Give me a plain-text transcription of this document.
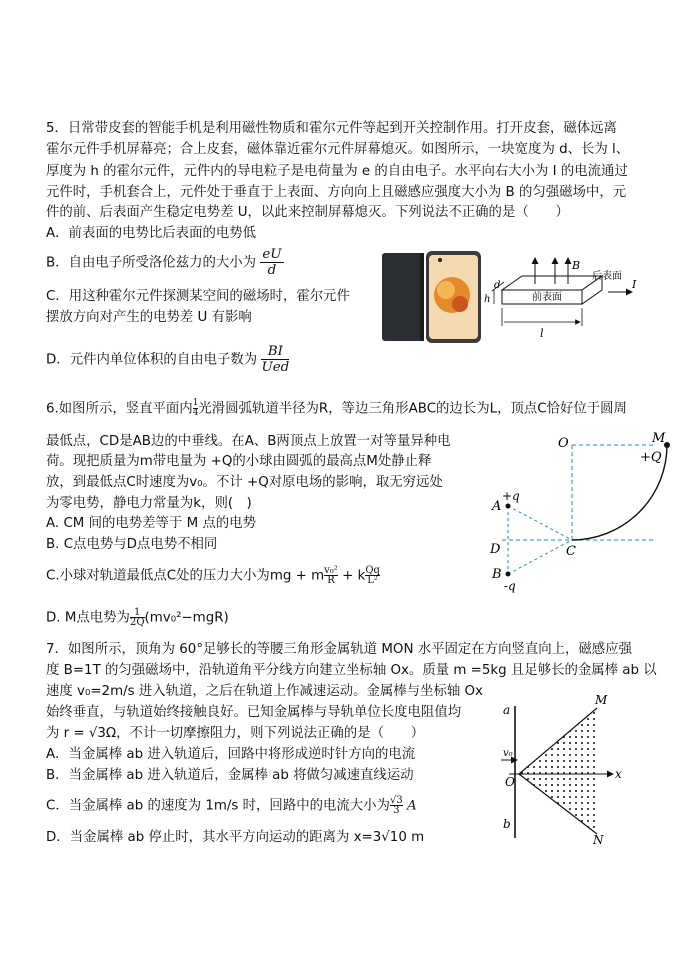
5．日常带皮套的智能手机是利用磁性物质和霍尔元件等起到开关控制作用。打开皮套，磁体远离
霍尔元件手机屏幕亮；合上皮套，磁体靠近霍尔元件屏幕熄灭。如图所示，一块宽度为 d、长为 l、
厚度为 h 的霍尔元件，元件内的导电粒子是电荷量为 e 的自由电子。水平向右大小为 I 的电流通过
元件时，手机套合上，元件处于垂直于上表面、方向向上且磁感应强度大小为 B 的匀强磁场中，元
件的前、后表面产生稳定电势差 U，以此来控制屏幕熄灭。下列说法不正确的是（　　）
A．前表面的电势比后表面的电势低
B．自由电子所受洛伦兹力的大小为 $\frac{eU}{d}$
C．用这种霍尔元件探测某空间的磁场时，霍尔元件
摆放方向对产生的电势差 U 有影响
D．元件内单位体积的自由电子数为 $\frac{BI}{\text{Ued}}$
B
后表面
前表面
I
d
h
l
6.如图所示，竖直平面内 $\frac{1}{4}$ 光滑圆弧轨道半径为R，等边三角形ABC的边长为L，顶点C恰好位于圆周
最低点，CD是AB边的中垂线。在A、B两顶点上放置一对等量异种电
荷。现把质量为m带电量为 +Q的小球由圆弧的最高点M处静止释
放，到最低点C时速度为v₀。不计 +Q对原电场的影响，取无穷远处
为零电势，静电力常量为k，则(　)
A. CM 间的电势差等于 M 点的电势
B. C点电势与D点电势不相同
C.小球对轨道最低点C处的压力大小为mg + m $\frac{\text{v₀²}}{R} + k \frac{Qq}{\text{L²}}$
D. M点电势为 $\frac{1}{2Q} (mv_0^2-mgR)$
O	M
+Q
A
+q
D	C
B
-q
7．如图所示，顶角为 60°足够长的等腰三角形金属轨道 MON 水平固定在方向竖直向上，磁感应强
度 B=1T 的匀强磁场中，沿轨道角平分线方向建立坐标轴 Ox。质量 m =5kg 且足够长的金属棒 ab 以
速度 v₀=2m/s 进入轨道，之后在轨道上作减速运动。金属棒与坐标轴 Ox
始终垂直，与轨道始终接触良好。已知金属棒与导轨单位长度电阻值均
为 r = √3Ω，不计一切摩擦阻力，则下列说法正确的是（　　）
A．当金属棒 ab 进入轨道后，回路中将形成逆时针方向的电流
B．当金属棒 ab 进入轨道后，金属棒 ab 将做匀减速直线运动
C．当金属棒 ab 的速度为 1m/s 时，回路中的电流大小为 $\frac{√3}{3}$ A
D．当金属棒 ab 停止时，其水平方向运动的距离为 x=3√10 m
a
b
M
N
O
x
v₀
